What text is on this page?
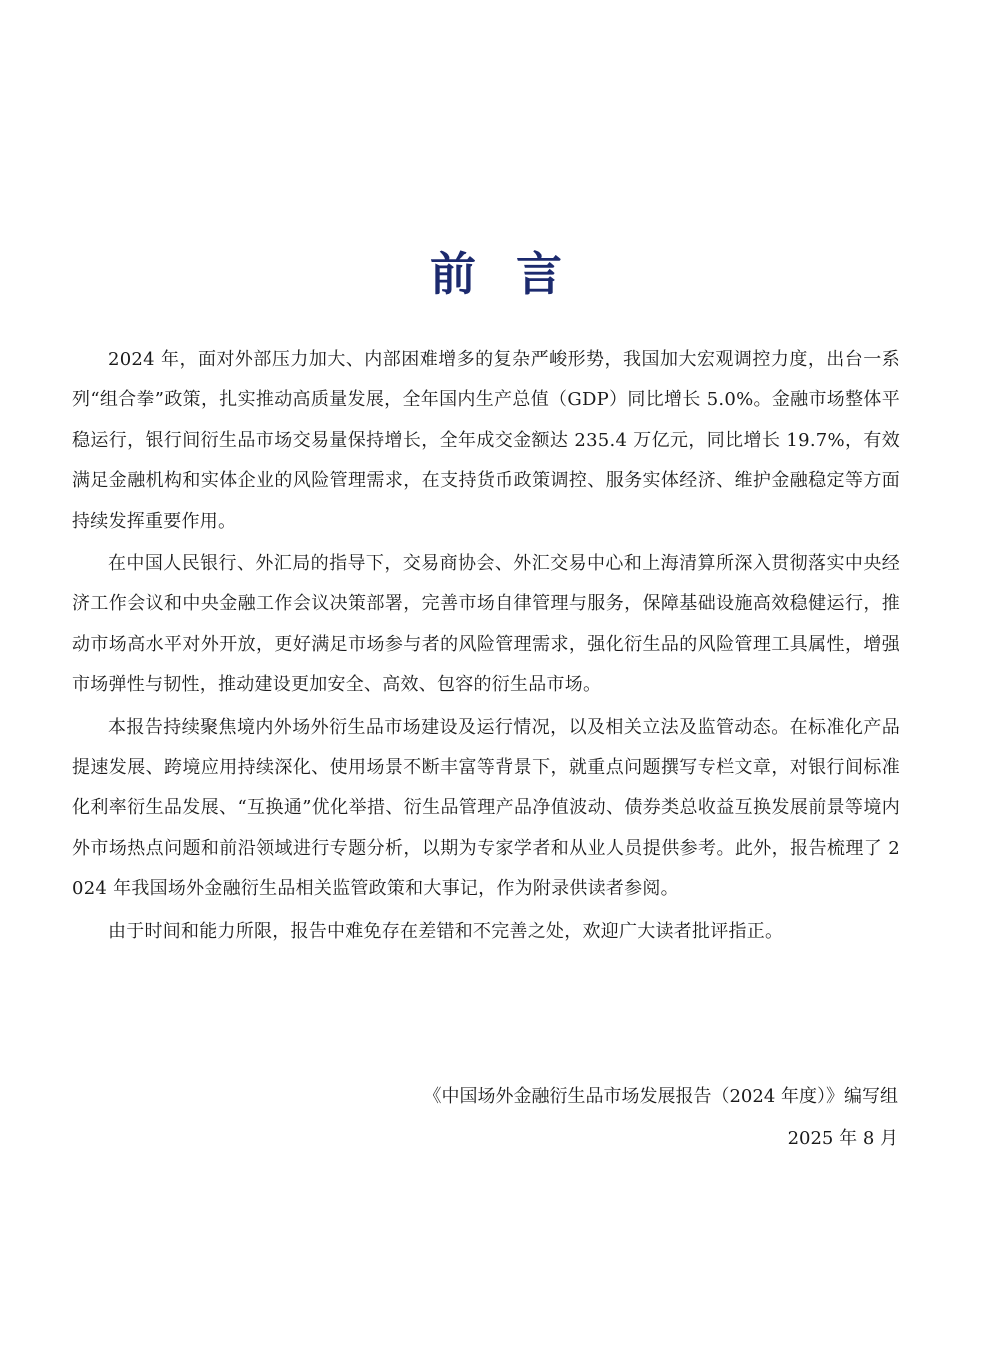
前言

2024 年，面对外部压力加大、内部困难增多的复杂严峻形势，我国加大宏观调控力度，出台一系列“组合拳”政策，扎实推动高质量发展，全年国内生产总值（GDP）同比增长 5.0%。金融市场整体平稳运行，银行间衍生品市场交易量保持增长，全年成交金额达 235.4 万亿元，同比增长 19.7%，有效满足金融机构和实体企业的风险管理需求，在支持货币政策调控、服务实体经济、维护金融稳定等方面持续发挥重要作用。

在中国人民银行、外汇局的指导下，交易商协会、外汇交易中心和上海清算所深入贯彻落实中央经济工作会议和中央金融工作会议决策部署，完善市场自律管理与服务，保障基础设施高效稳健运行，推动市场高水平对外开放，更好满足市场参与者的风险管理需求，强化衍生品的风险管理工具属性，增强市场弹性与韧性，推动建设更加安全、高效、包容的衍生品市场。

本报告持续聚焦境内外场外衍生品市场建设及运行情况，以及相关立法及监管动态。在标准化产品提速发展、跨境应用持续深化、使用场景不断丰富等背景下，就重点问题撰写专栏文章，对银行间标准化利率衍生品发展、“互换通”优化举措、衍生品管理产品净值波动、债券类总收益互换发展前景等境内外市场热点问题和前沿领域进行专题分析，以期为专家学者和从业人员提供参考。此外，报告梳理了 2024 年我国场外金融衍生品相关监管政策和大事记，作为附录供读者参阅。

由于时间和能力所限，报告中难免存在差错和不完善之处，欢迎广大读者批评指正。

《中国场外金融衍生品市场发展报告（2024 年度）》编写组
2025 年 8 月
